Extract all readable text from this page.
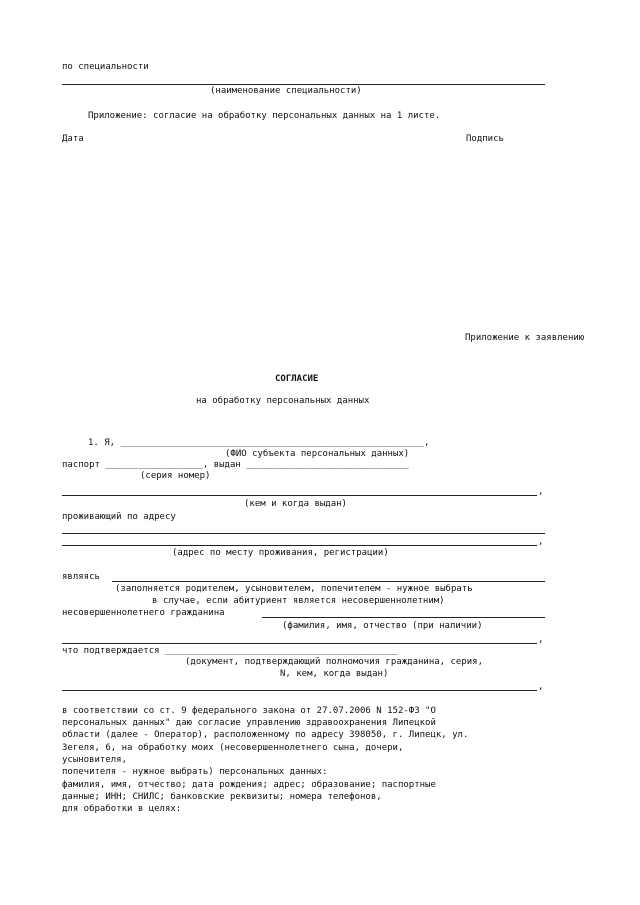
по специальности
(наименование специальности)
Приложение: согласие на обработку персональных данных на 1 листе.
Дата	Подпись
Приложение к заявлению
СОГЛАСИЕ
на обработку персональных данных
1. Я, ________________________________________________________,
(ФИО субъекта персональных данных)
паспорт __________________, выдан ______________________________
(серия номер)
,
(кем и когда выдан)
проживающий по адресу
,
(адрес по месту проживания, регистрации)
являясь
(заполняется родителем, усыновителем, попечителем - нужное выбрать
в случае, если абитуриент является несовершеннолетним)
несовершеннолетнего гражданина
(фамилия, имя, отчество (при наличии)
,
что подтверждается ___________________________________________
(документ, подтверждающий полномочия гражданина, серия,
N, кем, когда выдан)
,
в соответствии со ст. 9 федерального закона от 27.07.2006 N 152-ФЗ "О
персональных данных" даю согласие управлению здравоохранения Липецкой
области (далее - Оператор), расположенному по адресу 398050, г. Липецк, ул.
Зегеля, 6, на обработку моих (несовершеннолетнего сына, дочери,
усыновителя,
попечителя - нужное выбрать) персональных данных:
фамилия, имя, отчество; дата рождения; адрес; образование; паспортные
данные; ИНН; СНИЛС; банковские реквизиты; номера телефонов,
для обработки в целях:
